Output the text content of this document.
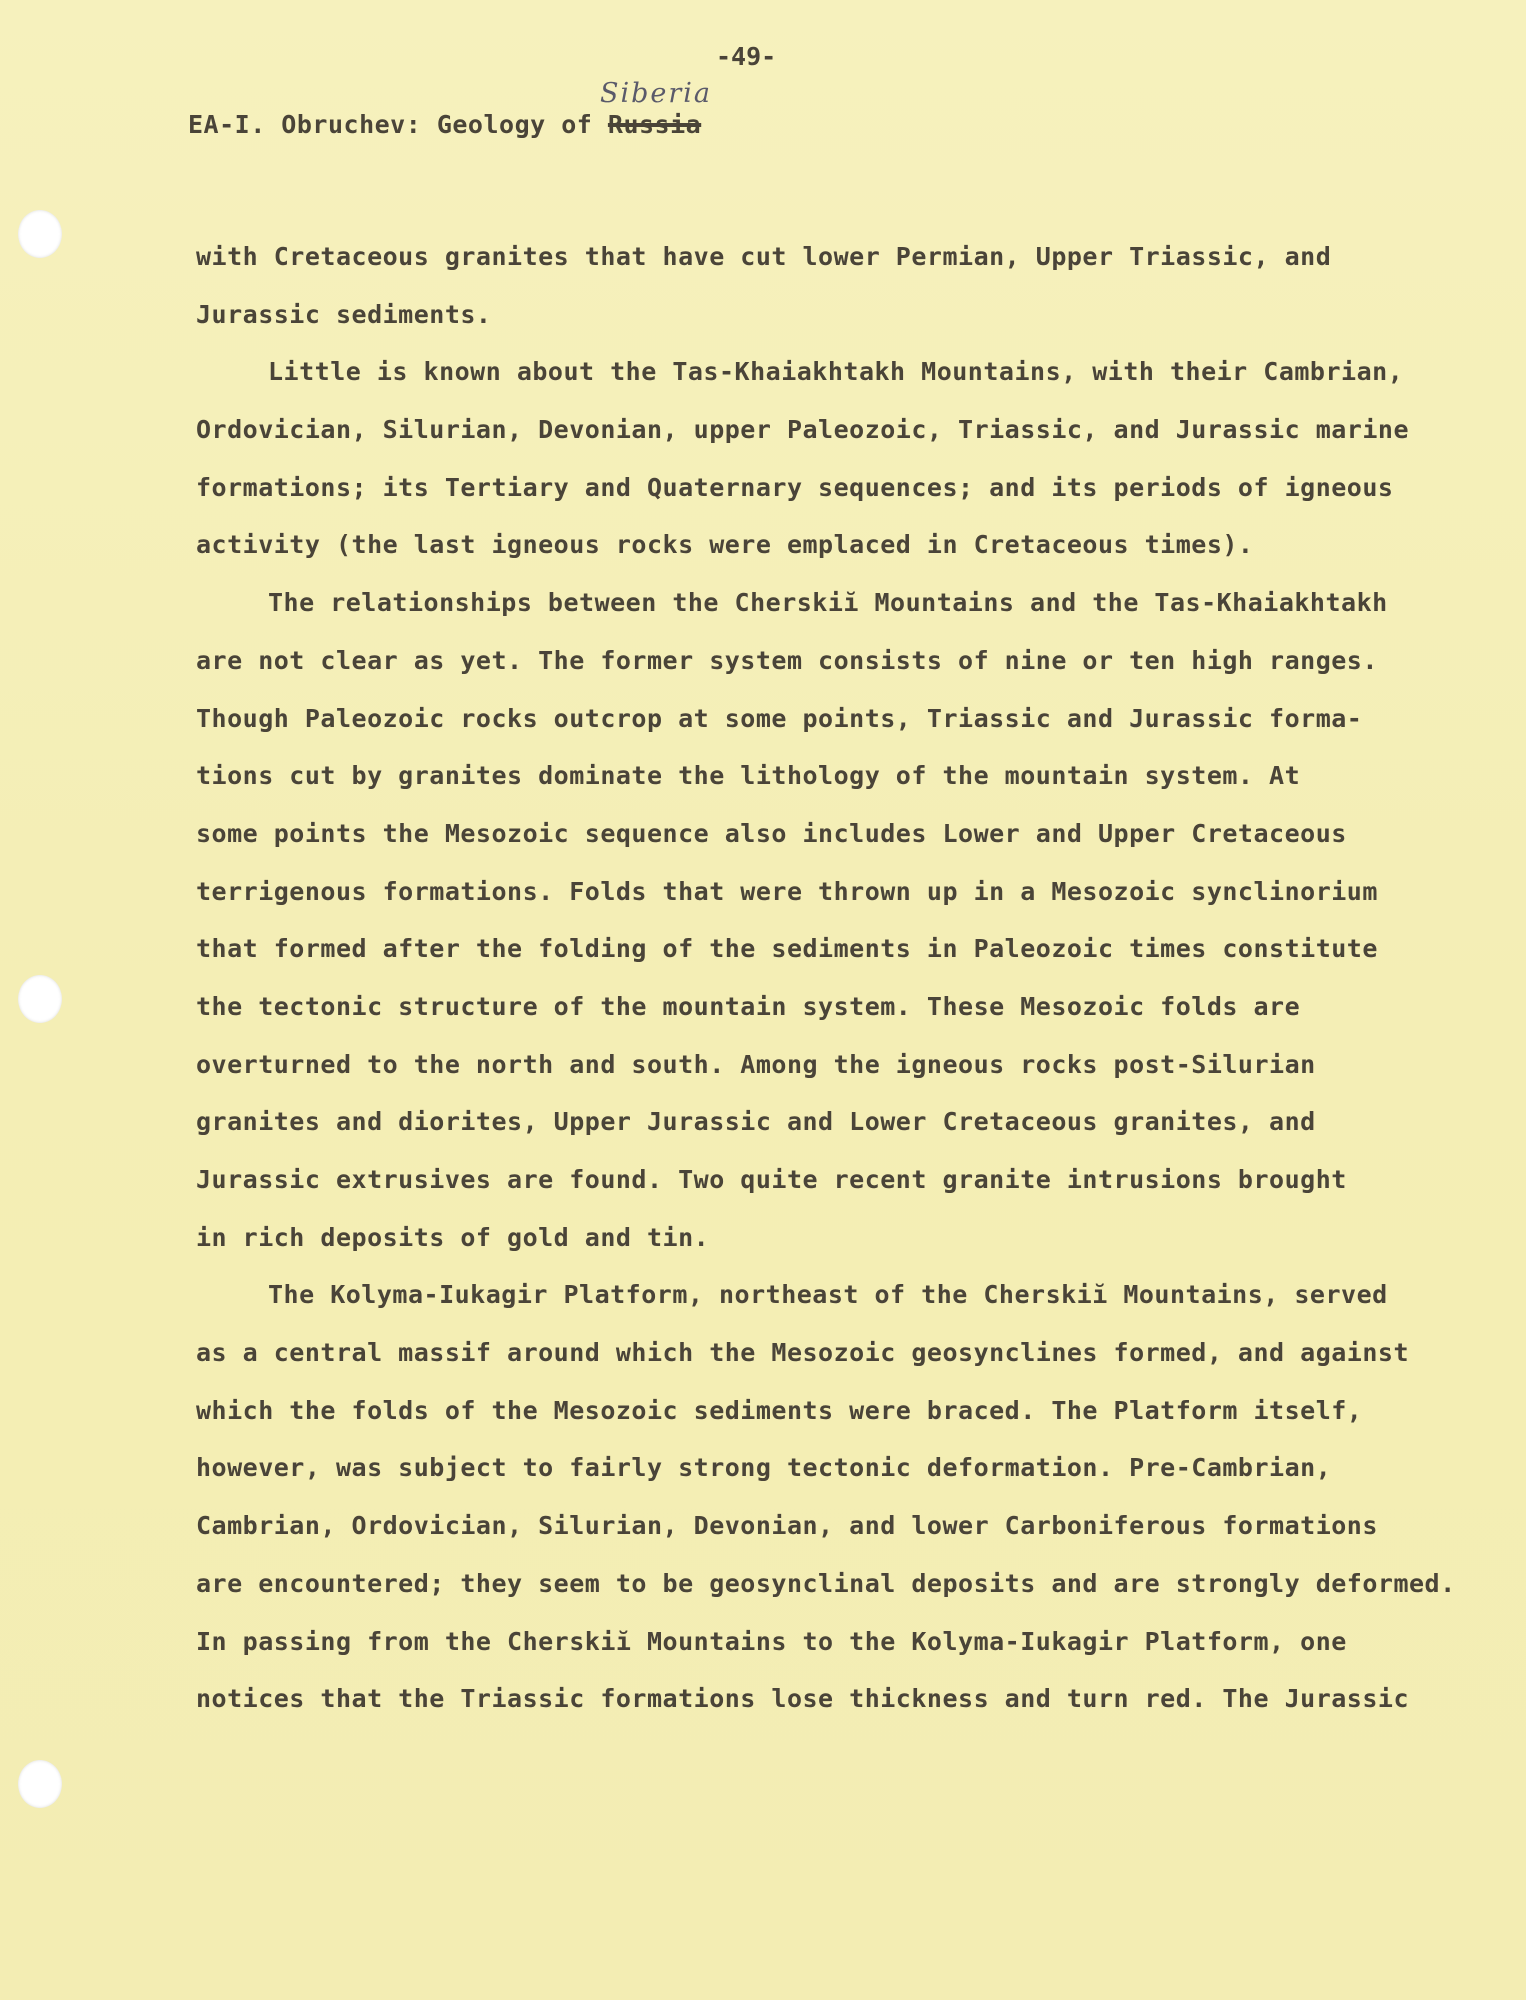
-49-
Siberia
EA-I. Obruchev: Geology of Russia
with Cretaceous granites that have cut lower Permian, Upper Triassic, and
Jurassic sediments.
Little is known about the Tas-Khaiakhtakh Mountains, with their Cambrian,
Ordovician, Silurian, Devonian, upper Paleozoic, Triassic, and Jurassic marine
formations; its Tertiary and Quaternary sequences; and its periods of igneous
activity (the last igneous rocks were emplaced in Cretaceous times).
The relationships between the Cherskiĭ Mountains and the Tas-Khaiakhtakh
are not clear as yet. The former system consists of nine or ten high ranges.
Though Paleozoic rocks outcrop at some points, Triassic and Jurassic forma-
tions cut by granites dominate the lithology of the mountain system. At
some points the Mesozoic sequence also includes Lower and Upper Cretaceous
terrigenous formations. Folds that were thrown up in a Mesozoic synclinorium
that formed after the folding of the sediments in Paleozoic times constitute
the tectonic structure of the mountain system. These Mesozoic folds are
overturned to the north and south. Among the igneous rocks post-Silurian
granites and diorites, Upper Jurassic and Lower Cretaceous granites, and
Jurassic extrusives are found. Two quite recent granite intrusions brought
in rich deposits of gold and tin.
The Kolyma-Iukagir Platform, northeast of the Cherskiĭ Mountains, served
as a central massif around which the Mesozoic geosynclines formed, and against
which the folds of the Mesozoic sediments were braced. The Platform itself,
however, was subject to fairly strong tectonic deformation. Pre-Cambrian,
Cambrian, Ordovician, Silurian, Devonian, and lower Carboniferous formations
are encountered; they seem to be geosynclinal deposits and are strongly deformed.
In passing from the Cherskiĭ Mountains to the Kolyma-Iukagir Platform, one
notices that the Triassic formations lose thickness and turn red. The Jurassic
